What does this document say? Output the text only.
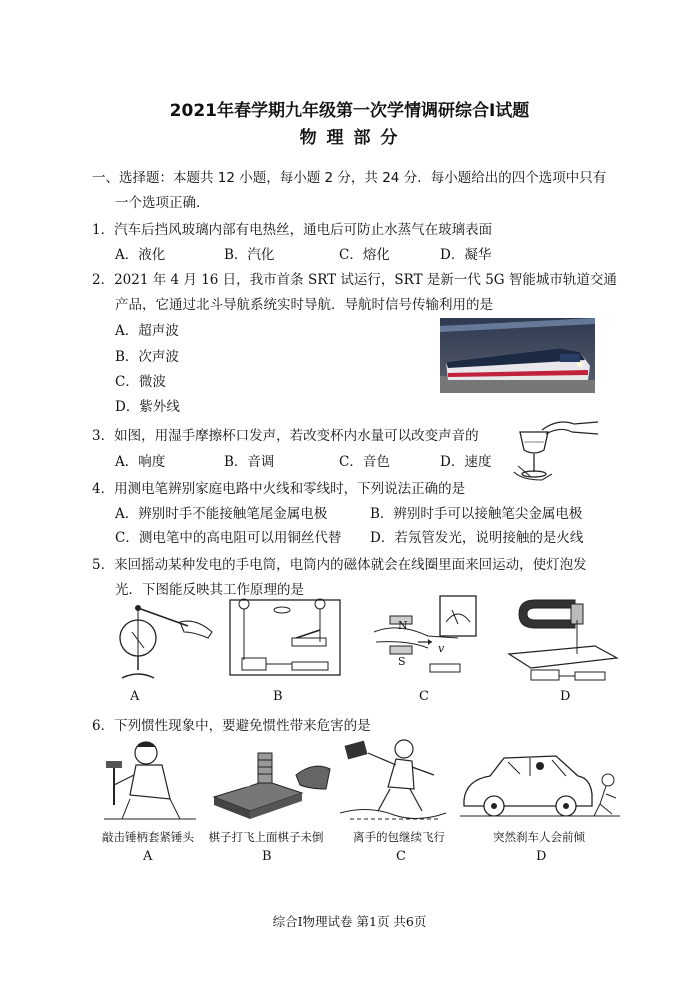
2021年春学期九年级第一次学情调研综合Ⅰ试题
物 理 部 分
一、选择题：本题共 12 小题，每小题 2 分，共 24 分．每小题给出的四个选项中只有
一个选项正确．
1．汽车后挡风玻璃内部有电热丝，通电后可防止水蒸气在玻璃表面
A．液化	B．汽化	C．熔化	D．凝华
2．2021 年 4 月 16 日，我市首条 SRT 试运行，SRT 是新一代 5G 智能城市轨道交通
产品，它通过北斗导航系统实时导航．导航时信号传输利用的是
A．超声波
B．次声波
C．微波
D．紫外线
3．如图，用湿手摩擦杯口发声，若改变杯内水量可以改变声音的
A．响度	B．音调	C．音色	D．速度
4．用测电笔辨别家庭电路中火线和零线时，下列说法正确的是
A．辨别时手不能接触笔尾金属电极	B．辨别时手可以接触笔尖金属电极
C．测电笔中的高电阻可以用铜丝代替 D．若氖管发光，说明接触的是火线
5．来回摇动某种发电的手电筒，电筒内的磁体就会在线圈里面来回运动，使灯泡发
光．下图能反映其工作原理的是
N
S
v
A	B	C	D
6．下列惯性现象中，要避免惯性带来危害的是
敲击锤柄套紧锤头	棋子打飞上面棋子未倒	离手的包继续飞行	突然刹车人会前倾
A	B	C	D
综合Ⅰ物理试卷 第1页 共6页
